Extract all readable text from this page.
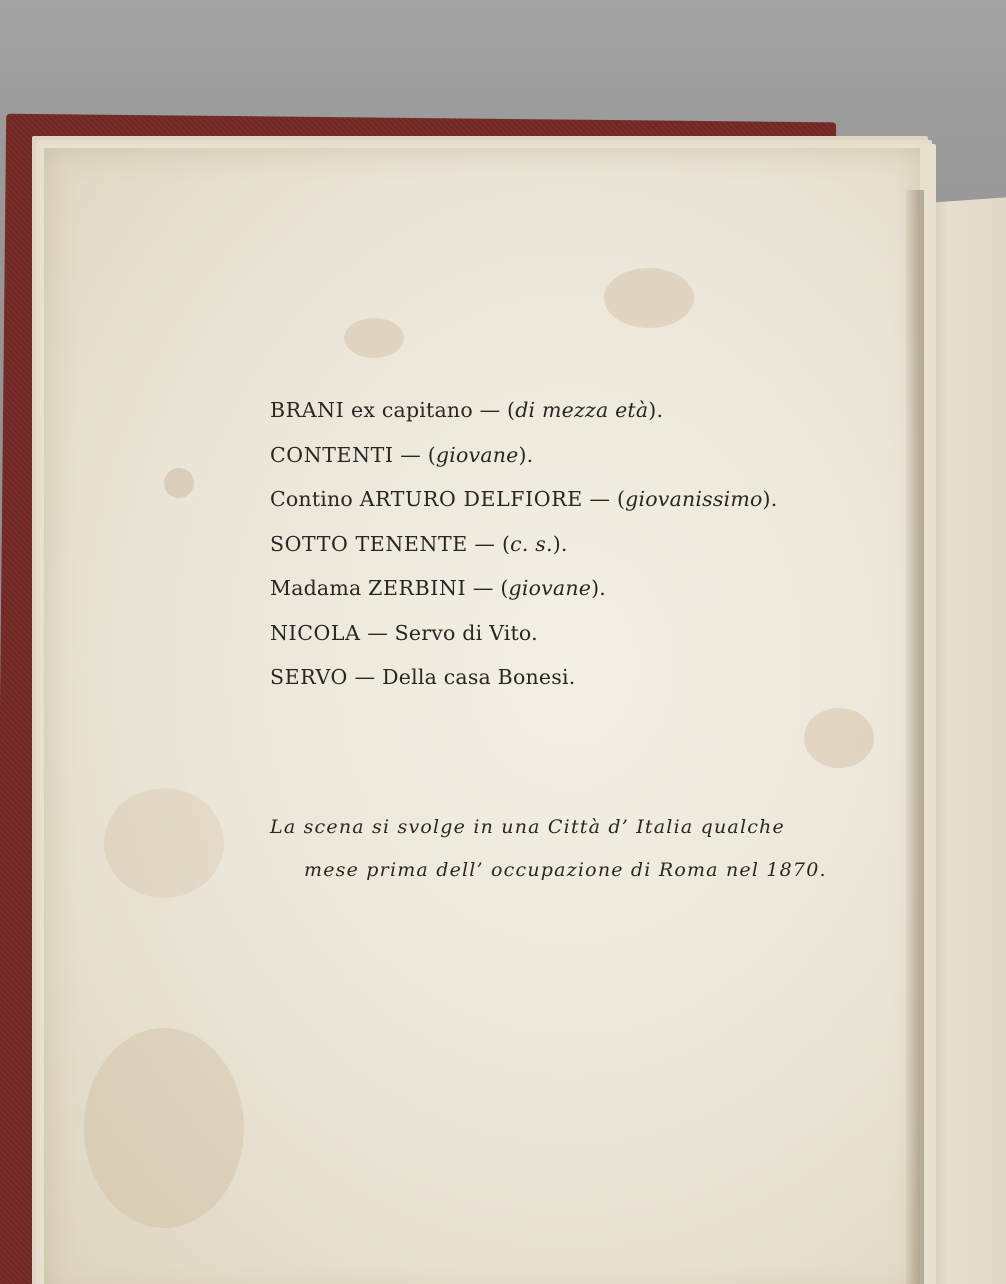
BRANI ex capitano — (di mezza età).
CONTENTI — (giovane).
Contino ARTURO DELFIORE — (giovanissimo).
SOTTO TENENTE — (c. s.).
Madama ZERBINI — (giovane).
NICOLA — Servo di Vito.
SERVO — Della casa Bonesi.
La scena si svolge in una Città d’ Italia qualche
mese prima dell’ occupazione di Roma nel 1870.
